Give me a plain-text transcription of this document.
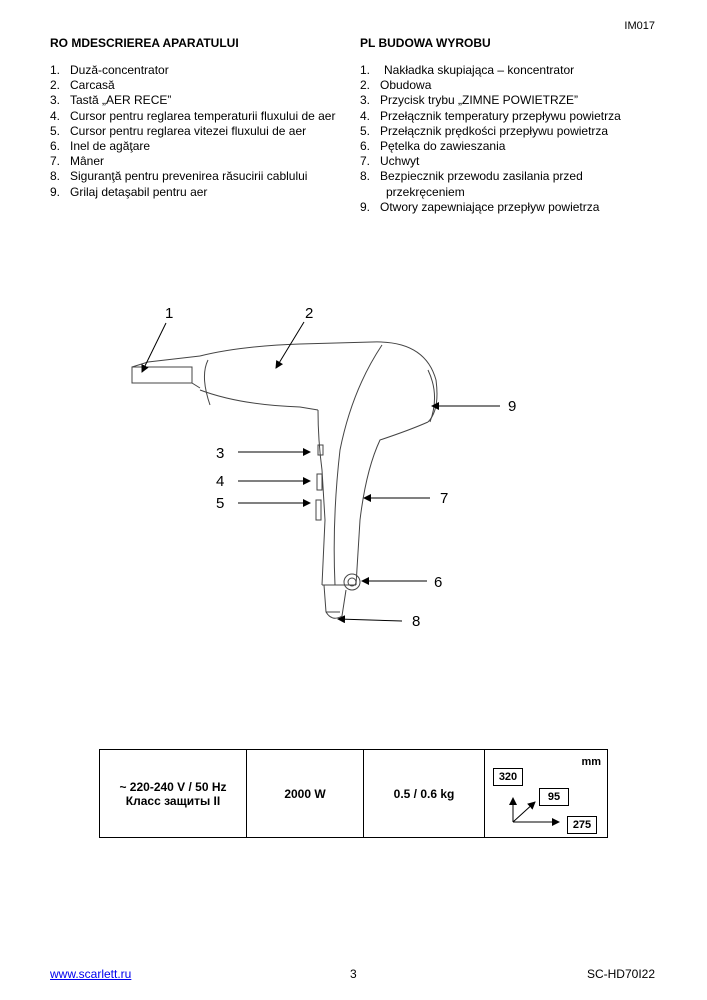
IM017
RO MDESCRIEREA APARATULUI	PL BUDOWA WYROBU
1. Duză-concentrator
2. Carcasă
3. Tastă „AER RECE”
4. Cursor pentru reglarea temperaturii fluxului de aer
5. Cursor pentru reglarea vitezei fluxului de aer
6. Inel de agăţare
7. Mâner
8. Siguranţă pentru prevenirea răsucirii cablului
9. Grilaj detaşabil pentru aer
1. Nakładka skupiająca – koncentrator
2. Obudowa
3. Przycisk trybu „ZIMNE POWIETRZE”
4. Przełącznik temperatury przepływu powietrza
5. Przełącznik prędkości przepływu powietrza
6. Pętelka do zawieszania
7. Uchwyt
8. Bezpiecznik przewodu zasilania przed
przekręceniem
9. Otwory zapewniające przepływ powietrza
1	2
3
4
5
6
7
8
9
~ 220-240 V / 50 Hz
Класс защиты II	2000 W	0.5 / 0.6 kg	
mm
320
95
275
www.scarlett.ru	3	SC-HD70I22
